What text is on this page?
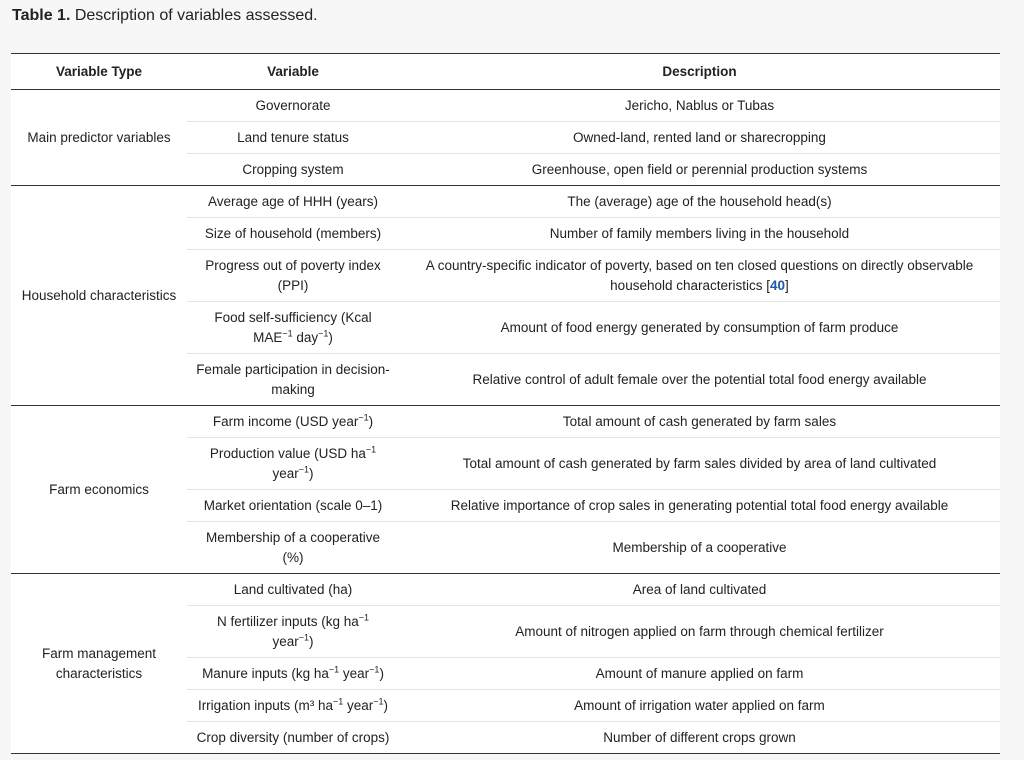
Table 1. Description of variables assessed.
Variable Type	Variable	Description
Main predictor variables	Governorate	Jericho, Nablus or Tubas
	Land tenure status	Owned-land, rented land or sharecropping
	Cropping system	Greenhouse, open field or perennial production systems
Household characteristics	Average age of HHH (years)	The (average) age of the household head(s)
	Size of household (members)	Number of family members living in the household
	Progress out of poverty index (PPI)	A country-specific indicator of poverty, based on ten closed questions on directly observable household characteristics [40]
	Food self-sufficiency (Kcal $MAE^{-1}$ day$^{-1}$)	Amount of food energy generated by consumption of farm produce
	Female participation in decision-making	Relative control of adult female over the potential total food energy available
Farm economics	Farm income (USD year$^{-1}$)	Total amount of cash generated by farm sales
	Production value (USD $ha^{-1}$ year$^{-1}$)	Total amount of cash generated by farm sales divided by area of land cultivated
	Market orientation (scale 0–1)	Relative importance of crop sales in generating potential total food energy available
	Membership of a cooperative (%)	Membership of a cooperative
Farm management characteristics	Land cultivated (ha)	Area of land cultivated
	N fertilizer inputs (kg $ha^{-1}$ year$^{-1}$)	Amount of nitrogen applied on farm through chemical fertilizer
	Manure inputs (kg $ha^{-1}$ year$^{-1}$)	Amount of manure applied on farm
	Irrigation inputs (m³ $ha^{-1}$ year$^{-1}$)	Amount of irrigation water applied on farm
	Crop diversity (number of crops)	Number of different crops grown
